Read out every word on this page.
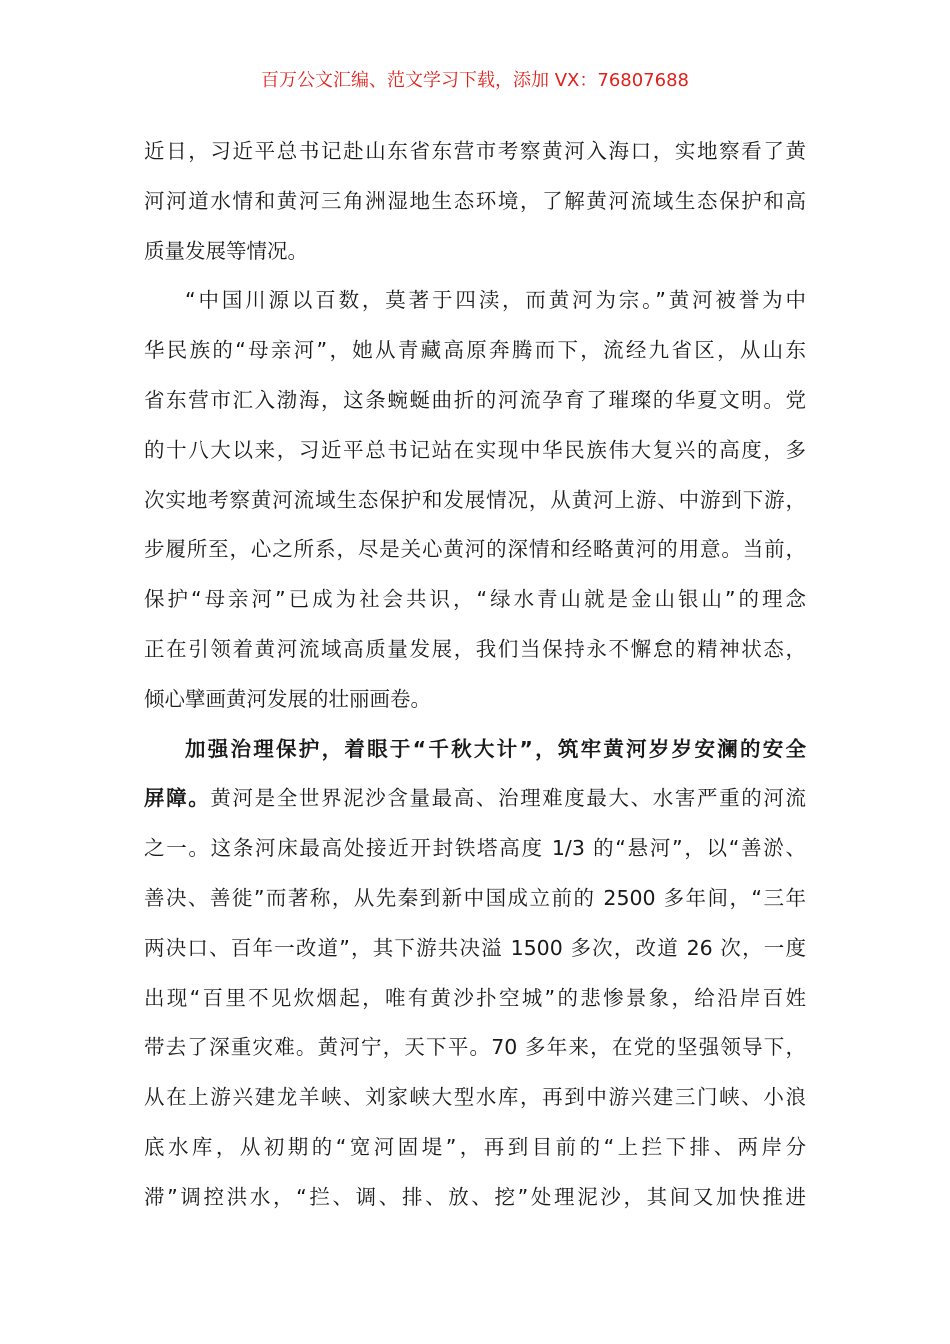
百万公文汇编、范文学习下载，添加 VX：76807688
近日，习近平总书记赴山东省东营市考察黄河入海口，实地察看了黄
河河道水情和黄河三角洲湿地生态环境，了解黄河流域生态保护和高
质量发展等情况。
“中国川源以百数，莫著于四渎，而黄河为宗。”黄河被誉为中
华民族的“母亲河”，她从青藏高原奔腾而下，流经九省区，从山东
省东营市汇入渤海，这条蜿蜒曲折的河流孕育了璀璨的华夏文明。党
的十八大以来，习近平总书记站在实现中华民族伟大复兴的高度，多
次实地考察黄河流域生态保护和发展情况，从黄河上游、中游到下游，
步履所至，心之所系，尽是关心黄河的深情和经略黄河的用意。当前，
保护“母亲河”已成为社会共识，“绿水青山就是金山银山”的理念
正在引领着黄河流域高质量发展，我们当保持永不懈怠的精神状态，
倾心擘画黄河发展的壮丽画卷。
加强治理保护，着眼于“千秋大计”，筑牢黄河岁岁安澜的安全
屏障。黄河是全世界泥沙含量最高、治理难度最大、水害严重的河流
之一。这条河床最高处接近开封铁塔高度 1/3 的“悬河”，以“善淤、
善决、善徙”而著称，从先秦到新中国成立前的 2500 多年间，“三年
两决口、百年一改道”，其下游共决溢 1500 多次，改道 26 次，一度
出现“百里不见炊烟起，唯有黄沙扑空城”的悲惨景象，给沿岸百姓
带去了深重灾难。黄河宁，天下平。70 多年来，在党的坚强领导下，
从在上游兴建龙羊峡、刘家峡大型水库，再到中游兴建三门峡、小浪
底水库，从初期的“宽河固堤”，再到目前的“上拦下排、两岸分
滞”调控洪水，“拦、调、排、放、挖”处理泥沙，其间又加快推进
